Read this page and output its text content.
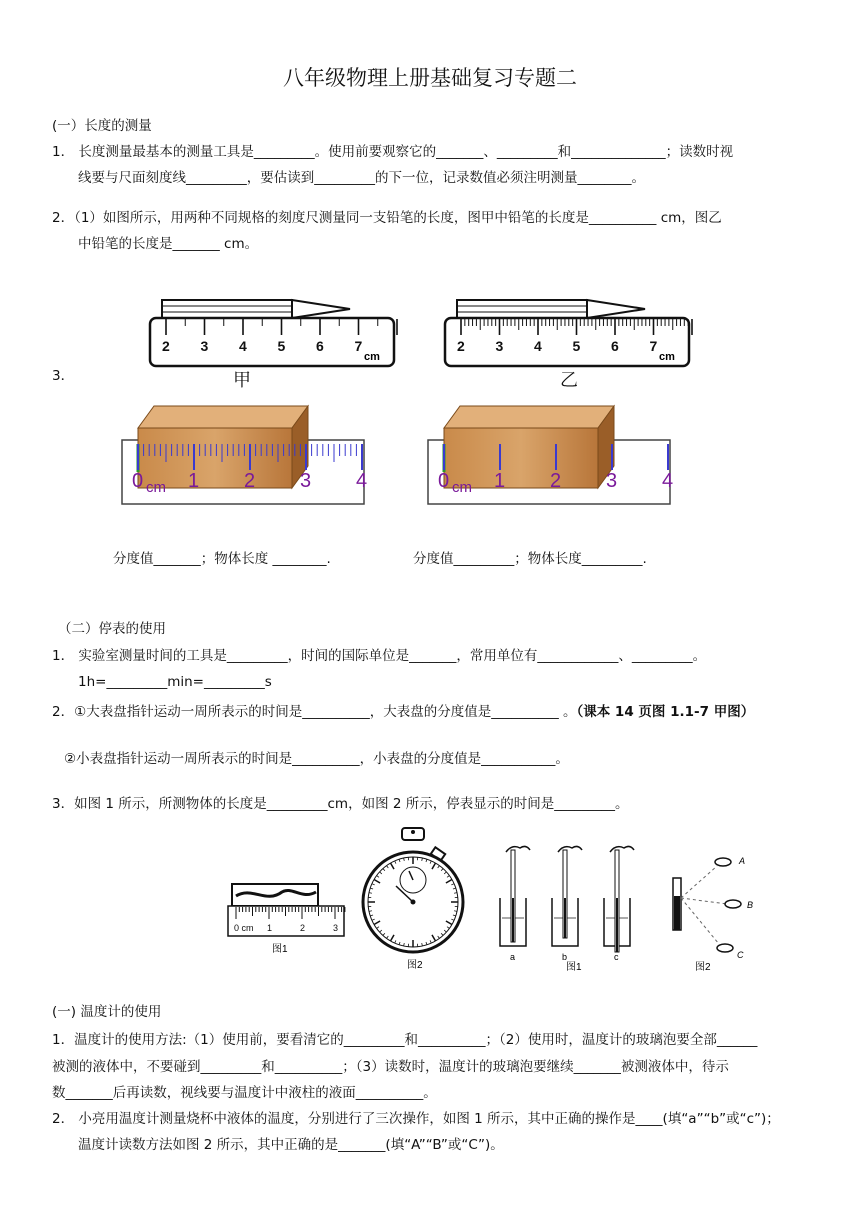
八年级物理上册基础复习专题二
(一）长度的测量
1． 长度测量最基本的测量工具是_________。使用前要观察它的_______、_________和______________；读数时视
线要与尺面刻度线_________，要估读到_________的下一位，记录数值必须注明测量________。
2．（1）如图所示，用两种不同规格的刻度尺测量同一支铅笔的长度，图甲中铅笔的长度是__________ cm，图乙
中铅笔的长度是_______ cm。
3．
2 3 4 5 6 7
cm
甲
2 3 4 5 6 7
cm
乙
0 1 2 3 4
cm	0 1 2 3 4
cm
分度值_______；物体长度 ________.	分度值_________；物体长度_________.
（二）停表的使用
1． 实验室测量时间的工具是_________，时间的国际单位是_______，常用单位有____________、_________。
1h=_________min=_________s
2．①大表盘指针运动一周所表示的时间是__________，大表盘的分度值是__________ 。（课本 14 页图 1.1-7 甲图）
②小表盘指针运动一周所表示的时间是__________，小表盘的分度值是___________。
3．如图 1 所示，所测物体的长度是_________cm，如图 2 所示，停表显示的时间是_________。
0 cm 1	2	3
图1
图2
a	b	c
图1
A
B
C
图2
(一) 温度计的使用
1．温度计的使用方法:（1）使用前，要看清它的_________和__________；（2）使用时，温度计的玻璃泡要全部______
被测的液体中，不要碰到_________和__________；（3）读数时，温度计的玻璃泡要继续_______被测液体中，待示
数_______后再读数，视线要与温度计中液柱的液面__________。
2． 小亮用温度计测量烧杯中液体的温度，分别进行了三次操作，如图 1 所示，其中正确的操作是____(填“a”“b”或“c”)；
温度计读数方法如图 2 所示，其中正确的是_______(填“A”“B”或“C”)。
